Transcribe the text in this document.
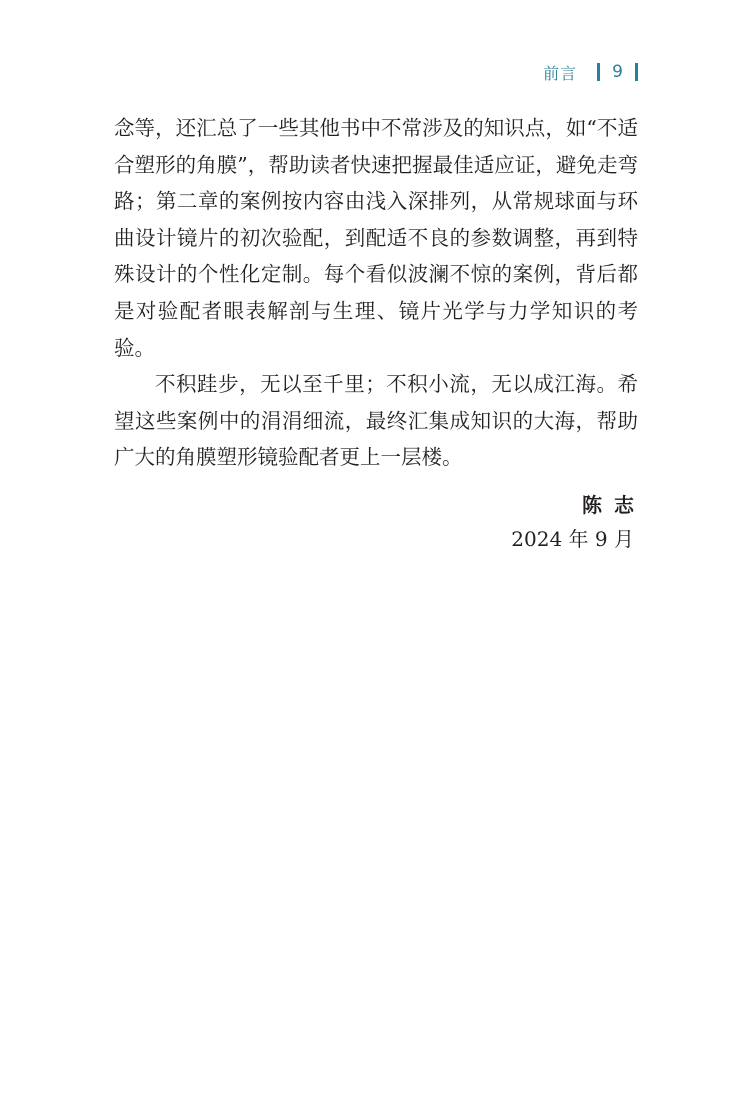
前言 9

念等，还汇总了一些其他书中不常涉及的知识点，如“不适合塑形的角膜”，帮助读者快速把握最佳适应证，避免走弯路；第二章的案例按内容由浅入深排列，从常规球面与环曲设计镜片的初次验配，到配适不良的参数调整，再到特殊设计的个性化定制。每个看似波澜不惊的案例，背后都是对验配者眼表解剖与生理、镜片光学与力学知识的考验。

不积跬步，无以至千里；不积小流，无以成江海。希望这些案例中的涓涓细流，最终汇集成知识的大海，帮助广大的角膜塑形镜验配者更上一层楼。

陈志
2024 年 9 月
